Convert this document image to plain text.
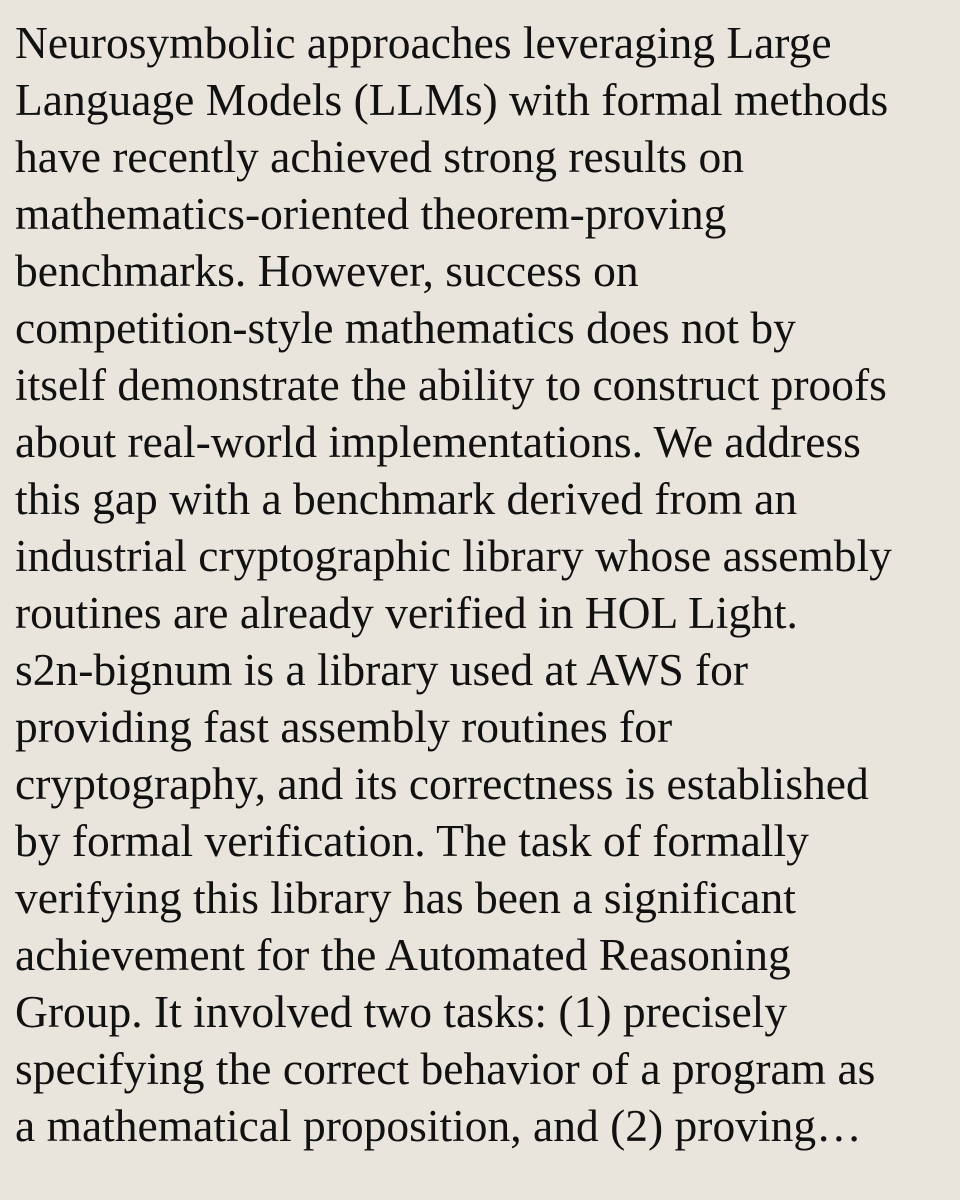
Neurosymbolic approaches leveraging Large

Language Models (LLMs) with formal methods

have recently achieved strong results on

mathematics-oriented theorem-proving

benchmarks. However, success on

competition-style mathematics does not by

itself demonstrate the ability to construct proofs

about real-world implementations. We address

this gap with a benchmark derived from an

industrial cryptographic library whose assembly

routines are already verified in HOL Light.

s2n-bignum is a library used at AWS for

providing fast assembly routines for

cryptography, and its correctness is established

by formal verification. The task of formally

verifying this library has been a significant

achievement for the Automated Reasoning

Group. It involved two tasks: (1) precisely

specifying the correct behavior of a program as

a mathematical proposition, and (2) proving…
